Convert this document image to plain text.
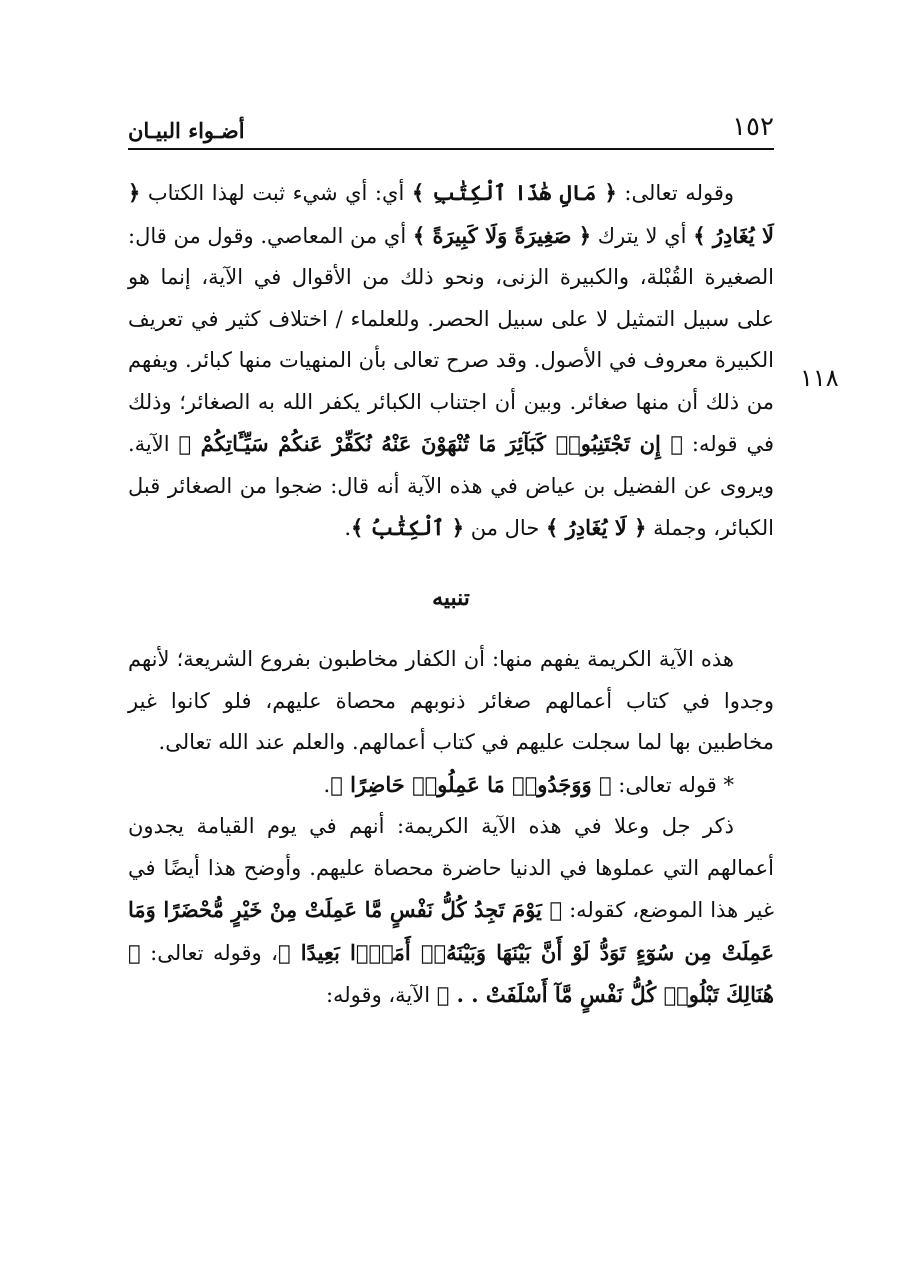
١٥٢
أضـواء البيـان
١١٨

وقوله تعالى: ﴿ مَالِ هَٰذَا ٱلْكِتَٰبِ ﴾ أي: أي شيء ثبت لهذا الكتاب ﴿ لَا يُغَادِرُ ﴾ أي لا يترك ﴿ صَغِيرَةً وَلَا كَبِيرَةً ﴾ أي من المعاصي. وقول من قال: الصغيرة القُبْلة، والكبيرة الزنى، ونحو ذلك من الأقوال في الآية، إنما هو على سبيل التمثيل لا على سبيل الحصر. وللعلماء / اختلاف كثير في تعريف الكبيرة معروف في الأصول. وقد صرح تعالى بأن المنهيات منها كبائر. ويفهم من ذلك أن منها صغائر. وبين أن اجتناب الكبائر يكفر الله به الصغائر؛ وذلك في قوله: ﴿ إِن تَجْتَنِبُوا۟ كَبَآئِرَ مَا تُنْهَوْنَ عَنْهُ نُكَفِّرْ عَنكُمْ سَيِّـَٔاتِكُمْ ﴾ الآية. ويروى عن الفضيل بن عياض في هذه الآية أنه قال: ضجوا من الصغائر قبل الكبائر، وجملة ﴿ لَا يُغَادِرُ ﴾ حال من ﴿ ٱلْكِتَٰبُ ﴾.

تنبيه

هذه الآية الكريمة يفهم منها: أن الكفار مخاطبون بفروع الشريعة؛ لأنهم وجدوا في كتاب أعمالهم صغائر ذنوبهم محصاة عليهم، فلو كانوا غير مخاطبين بها لما سجلت عليهم في كتاب أعمالهم. والعلم عند الله تعالى.

* قوله تعالى: ﴿ وَوَجَدُوا۟ مَا عَمِلُوا۟ حَاضِرًا ﴾.

ذكر جل وعلا في هذه الآية الكريمة: أنهم في يوم القيامة يجدون أعمالهم التي عملوها في الدنيا حاضرة محصاة عليهم. وأوضح هذا أيضًا في غير هذا الموضع، كقوله: ﴿ يَوْمَ تَجِدُ كُلُّ نَفْسٍ مَّا عَمِلَتْ مِنْ خَيْرٍ مُّحْضَرًا وَمَا عَمِلَتْ مِن سُوٓءٍ تَوَدُّ لَوْ أَنَّ بَيْنَهَا وَبَيْنَهُۥٓ أَمَدًۢا بَعِيدًا ﴾، وقوله تعالى: ﴿ هُنَالِكَ تَبْلُوا۟ كُلُّ نَفْسٍ مَّآ أَسْلَفَتْ . . ﴾ الآية، وقوله:
